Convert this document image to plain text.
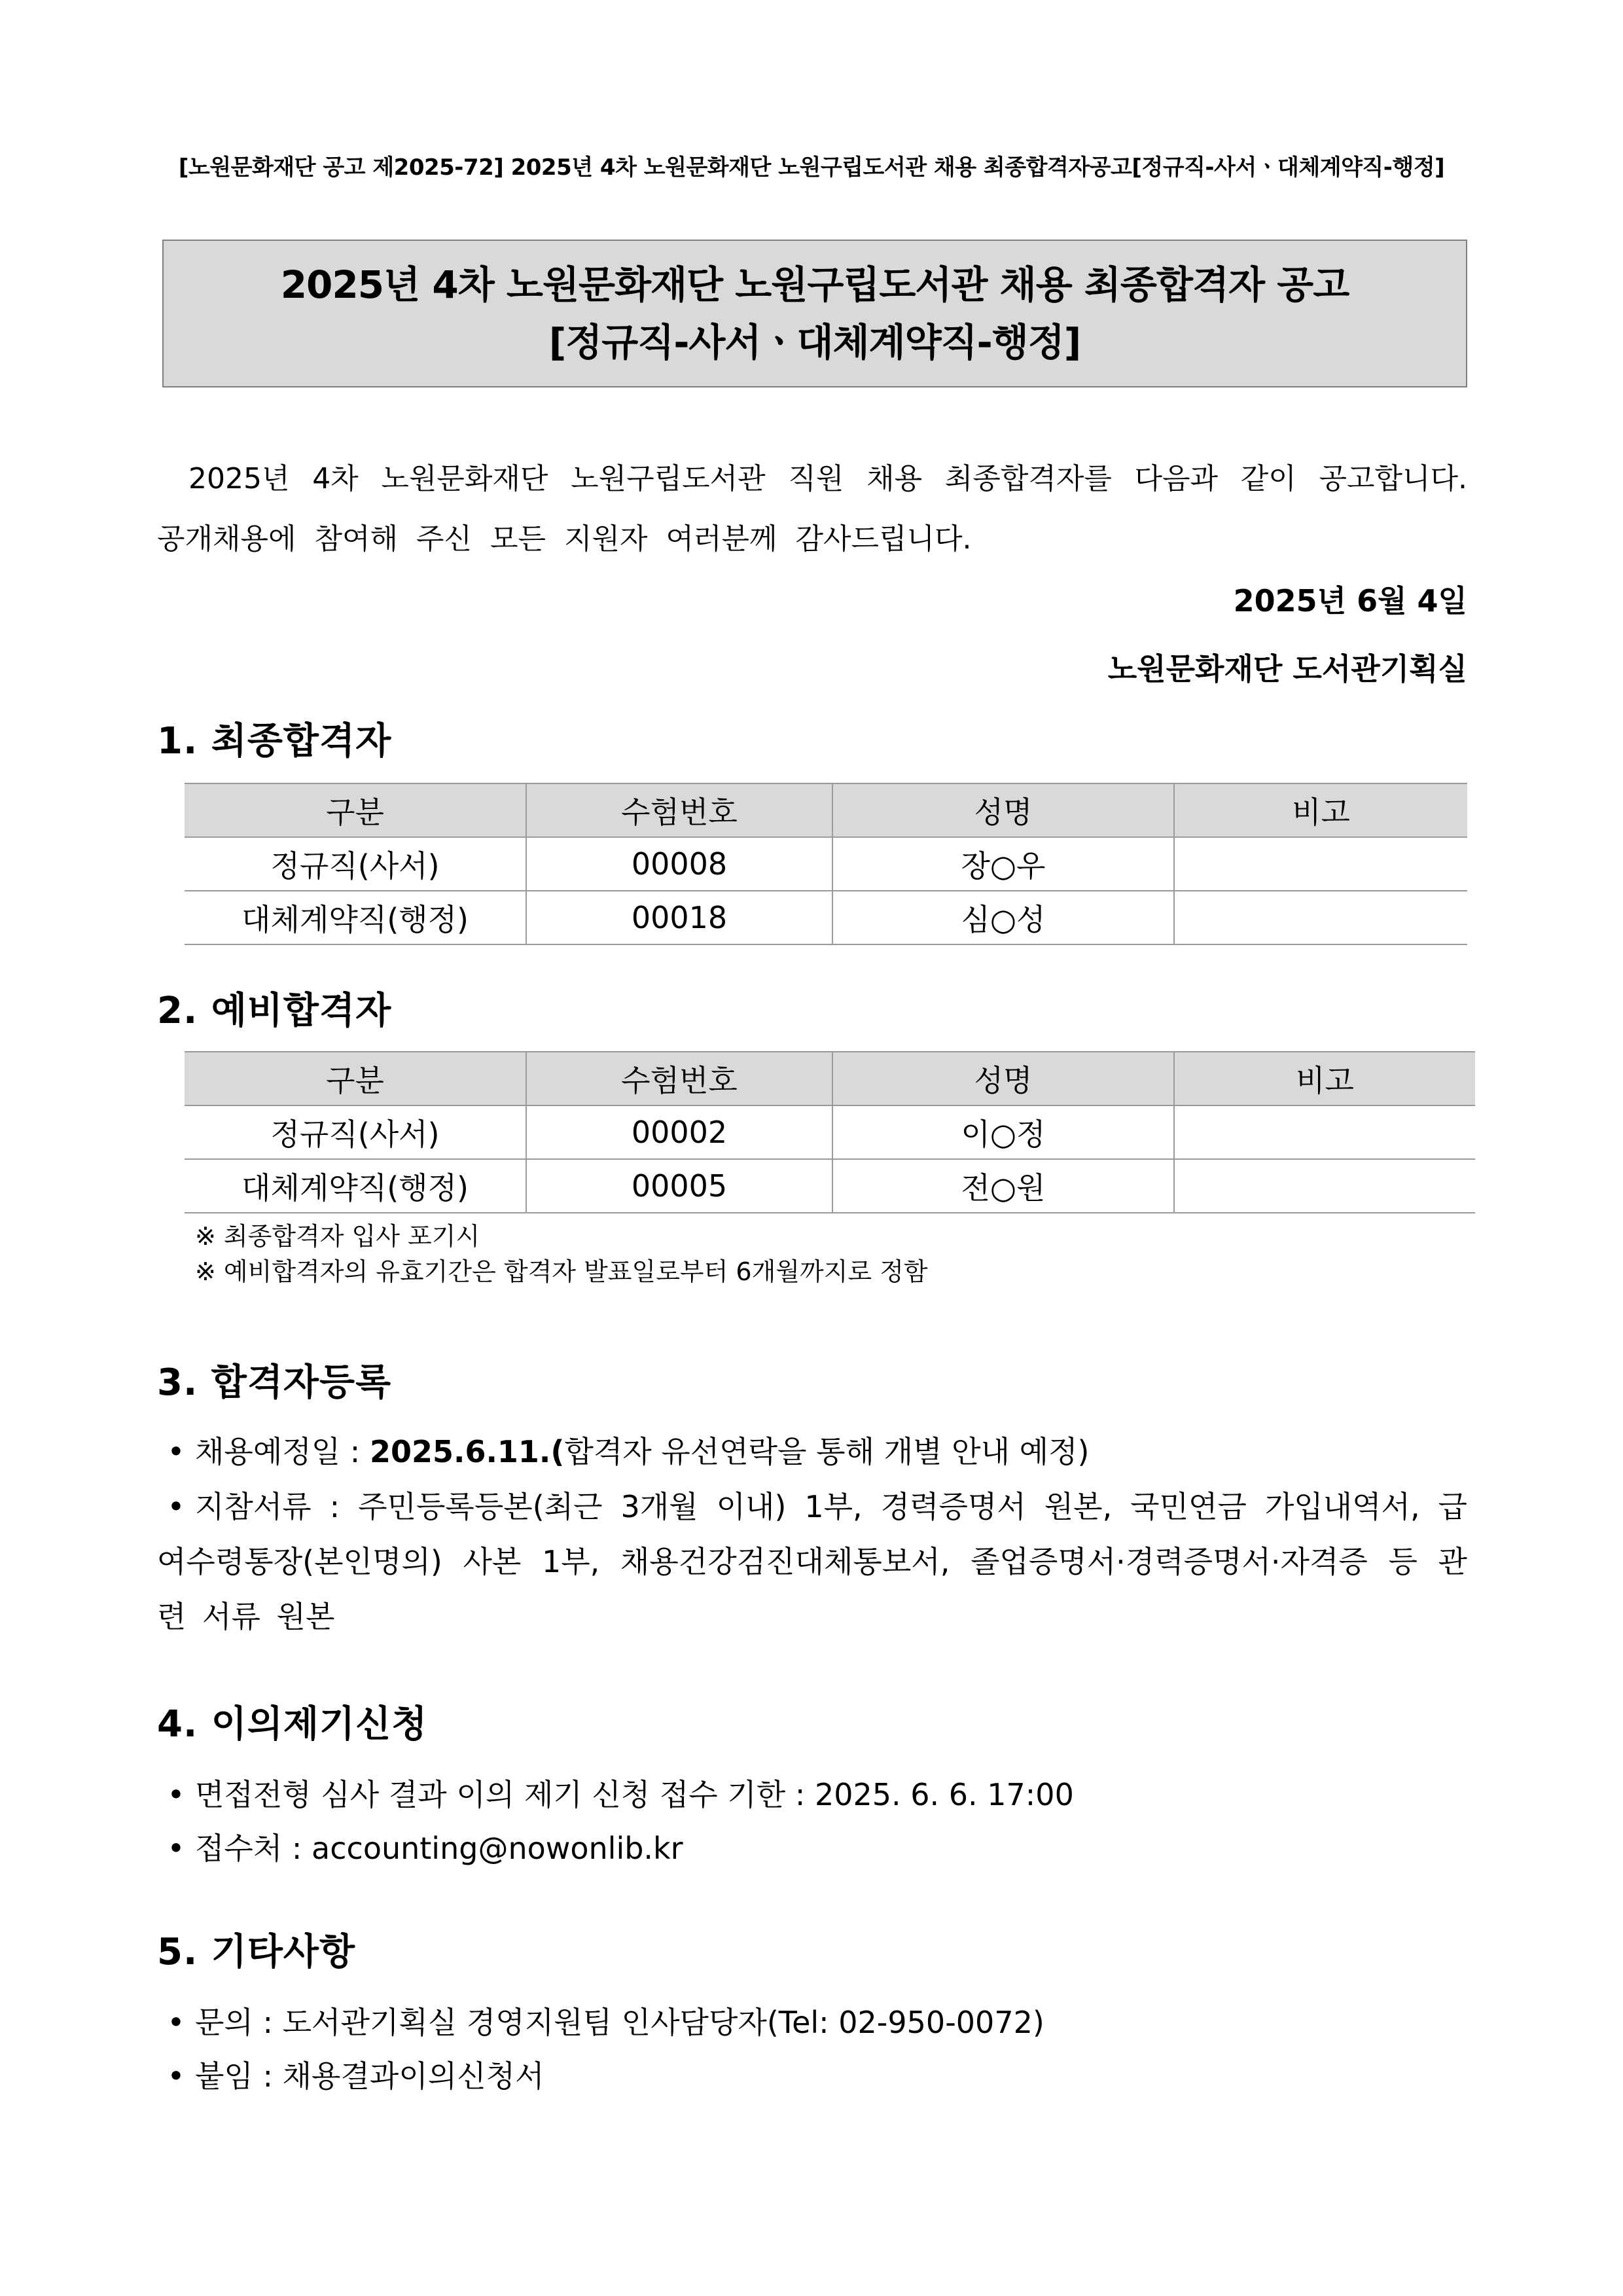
[노원문화재단 공고 제2025-72] 2025년 4차 노원문화재단 노원구립도서관 채용 최종합격자공고[정규직-사서ㆍ대체계약직-행정]
2025년 4차 노원문화재단 노원구립도서관 채용 최종합격자 공고
[정규직-사서ㆍ대체계약직-행정]
2025년 4차 노원문화재단 노원구립도서관 직원 채용 최종합격자를 다음과 같이 공고합니다. 공개채용에 참여해 주신 모든 지원자 여러분께 감사드립니다.
2025년 6월 4일
노원문화재단 도서관기획실
1. 최종합격자
구분	수험번호	성명	비고
정규직(사서)	00008	장○우	
대체계약직(행정)	00018	심○성	
2. 예비합격자
구분	수험번호	성명	비고
정규직(사서)	00002	이○정	
대체계약직(행정)	00005	전○원	
※ 최종합격자 입사 포기시
※ 예비합격자의 유효기간은 합격자 발표일로부터 6개월까지로 정함
3. 합격자등록
• 채용예정일 : 2025.6.11.(합격자 유선연락을 통해 개별 안내 예정)
• 지참서류 : 주민등록등본(최근 3개월 이내) 1부, 경력증명서 원본, 국민연금 가입내역서, 급여수령통장(본인명의) 사본 1부, 채용건강검진대체통보서, 졸업증명서·경력증명서·자격증 등 관련 서류 원본
4. 이의제기신청
• 면접전형 심사 결과 이의 제기 신청 접수 기한 : 2025. 6. 6. 17:00
• 접수처 : accounting@nowonlib.kr
5. 기타사항
• 문의 : 도서관기획실 경영지원팀 인사담당자(Tel: 02-950-0072)
• 붙임 : 채용결과이의신청서
